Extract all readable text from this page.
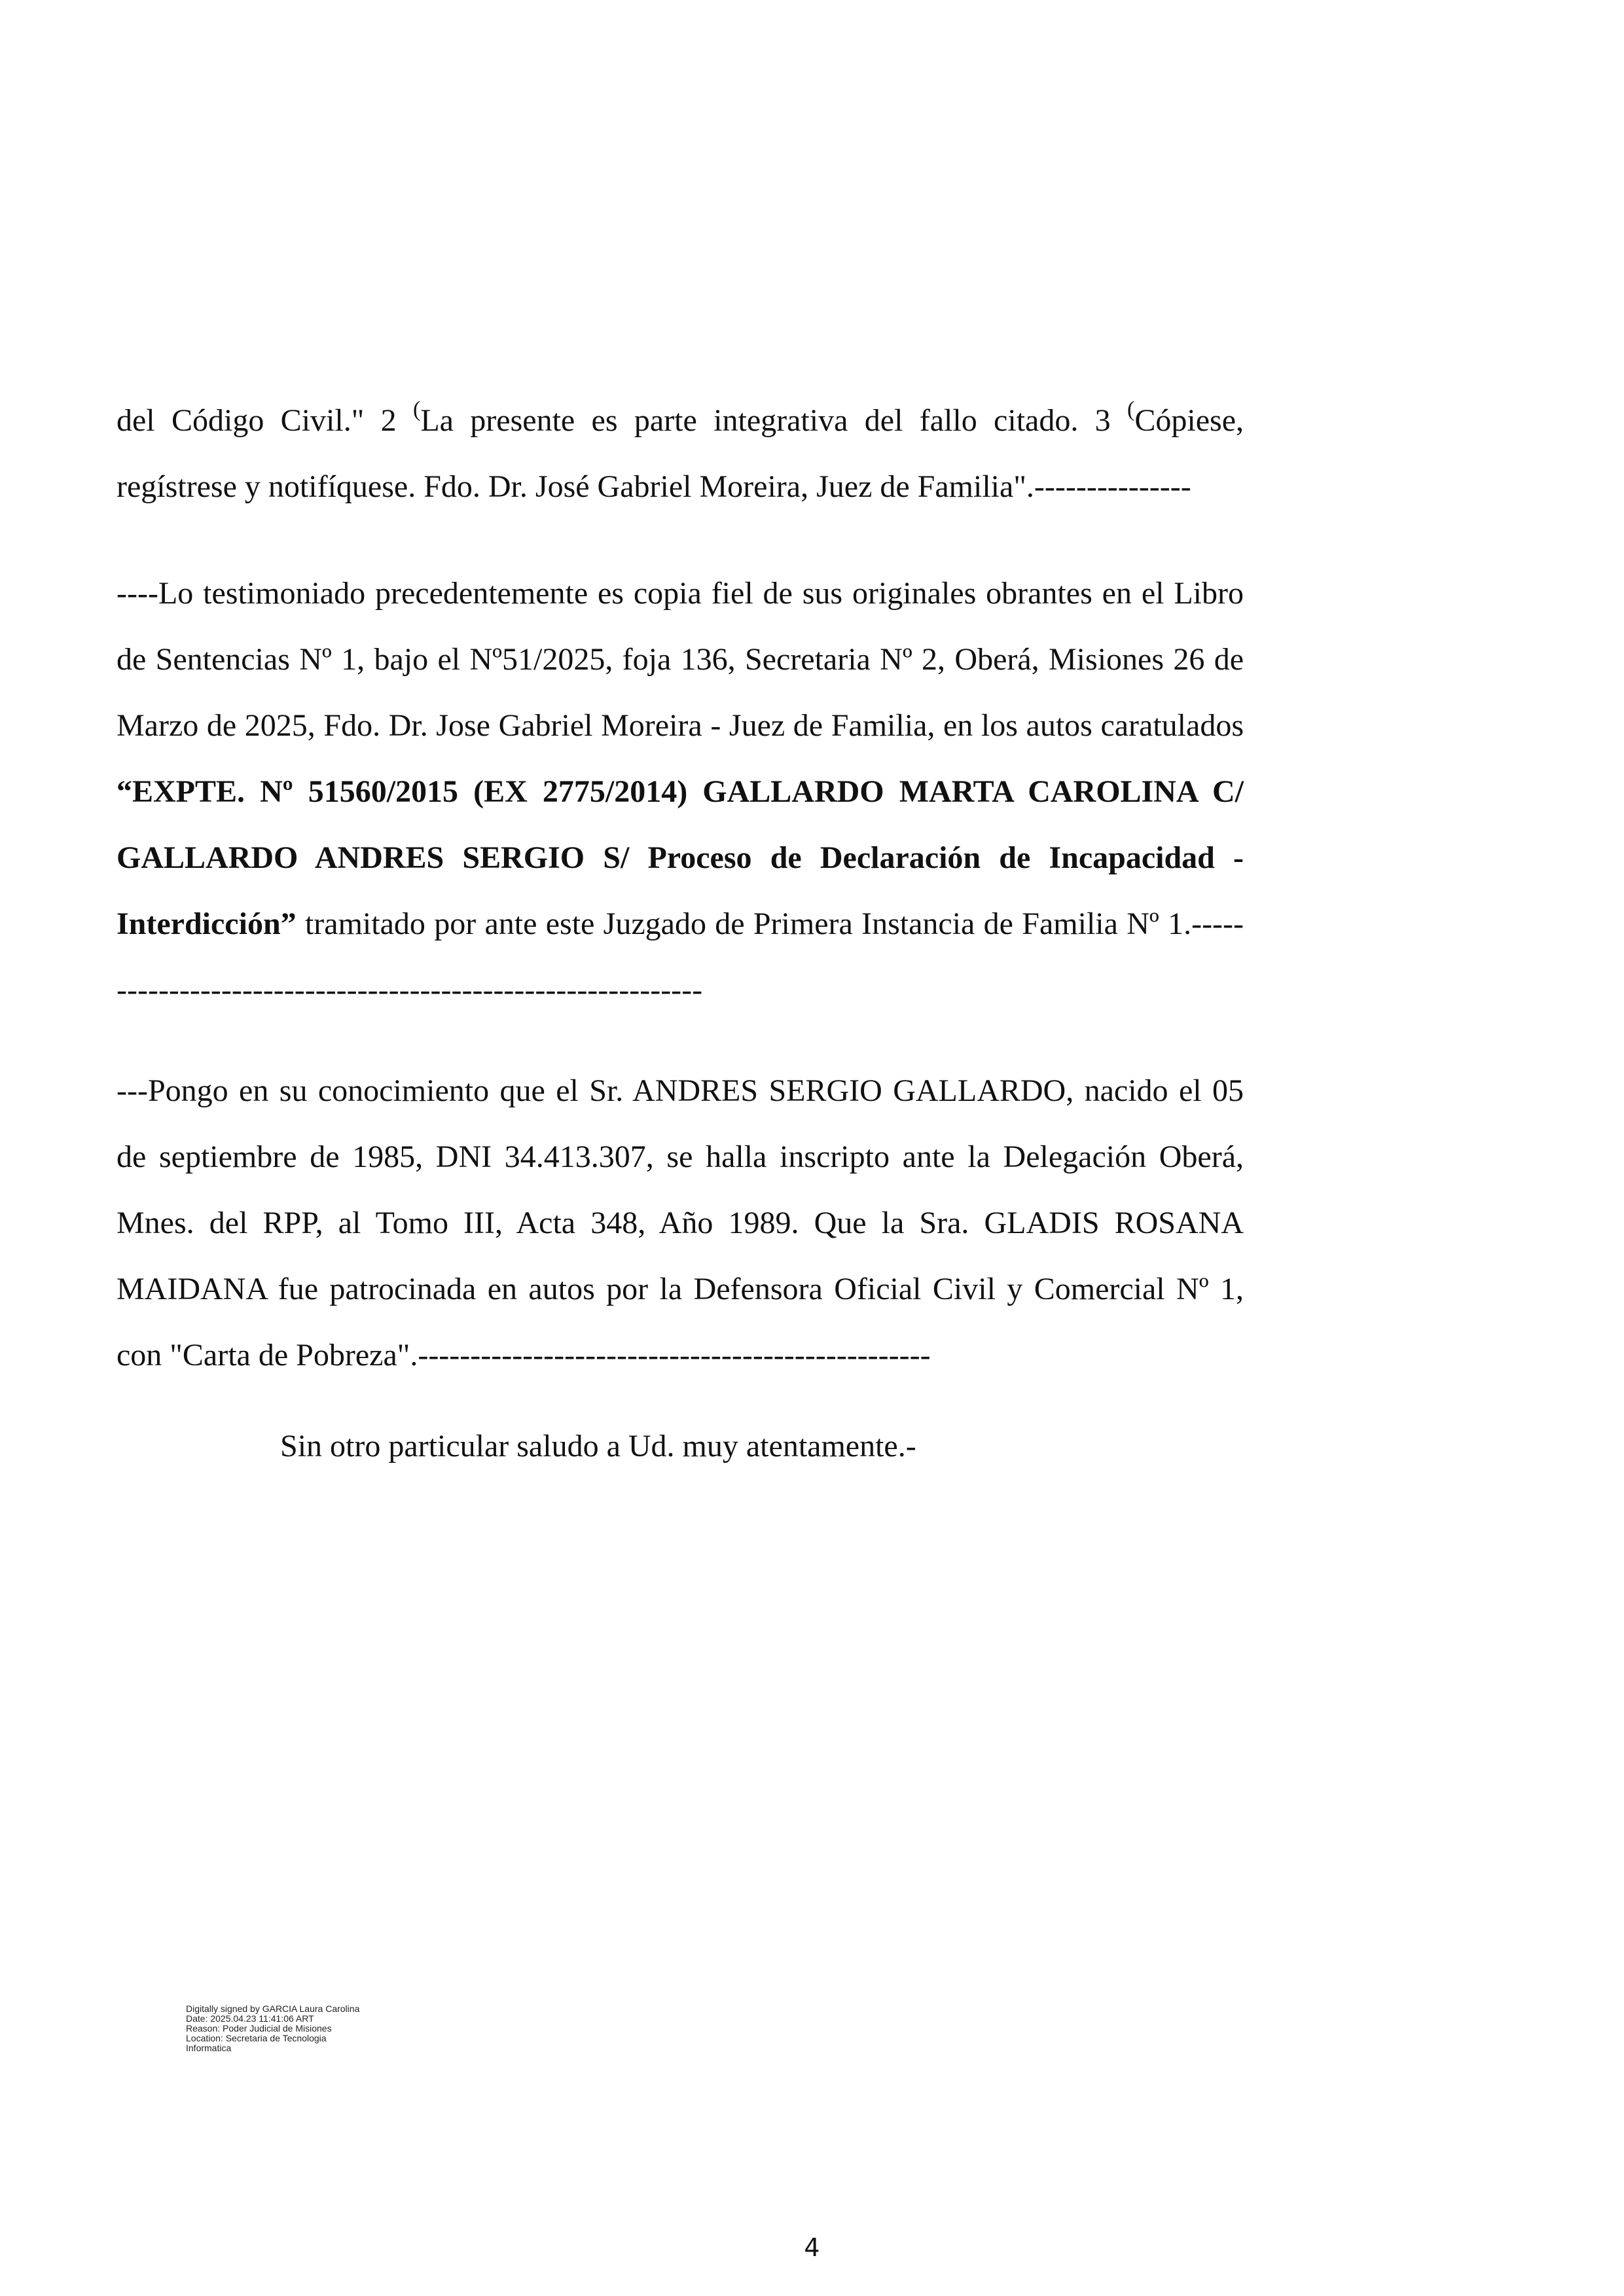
del Código Civil." 2 (La presente es parte integrativa del fallo citado. 3 (Cópiese, regístrese y notifíquese. Fdo. Dr. José Gabriel Moreira, Juez de Familia".---------------

----Lo testimoniado precedentemente es copia fiel de sus originales obrantes en el Libro de Sentencias Nº 1, bajo el Nº51/2025, foja 136, Secretaria Nº 2, Oberá, Misiones 26 de Marzo de 2025, Fdo. Dr. Jose Gabriel Moreira - Juez de Familia, en los autos caratulados “EXPTE. Nº 51560/2015 (EX 2775/2014) GALLARDO MARTA CAROLINA C/ GALLARDO ANDRES SERGIO S/ Proceso de Declaración de Incapacidad - Interdicción” tramitado por ante este Juzgado de Primera Instancia de Familia Nº 1.-------------------------------------------------------------

---Pongo en su conocimiento que el Sr. ANDRES SERGIO GALLARDO, nacido el 05 de septiembre de 1985, DNI 34.413.307, se halla inscripto ante la Delegación Oberá, Mnes. del RPP, al Tomo III, Acta 348, Año 1989. Que la Sra. GLADIS ROSANA MAIDANA fue patrocinada en autos por la Defensora Oficial Civil y Comercial Nº 1, con "Carta de Pobreza".-------------------------------------------------

Sin otro particular saludo a Ud. muy atentamente.-
Digitally signed by GARCIA Laura Carolina
Date: 2025.04.23 11:41:06 ART
Reason: Poder Judicial de Misiones
Location: Secretaria de Tecnologia
Informatica
4
